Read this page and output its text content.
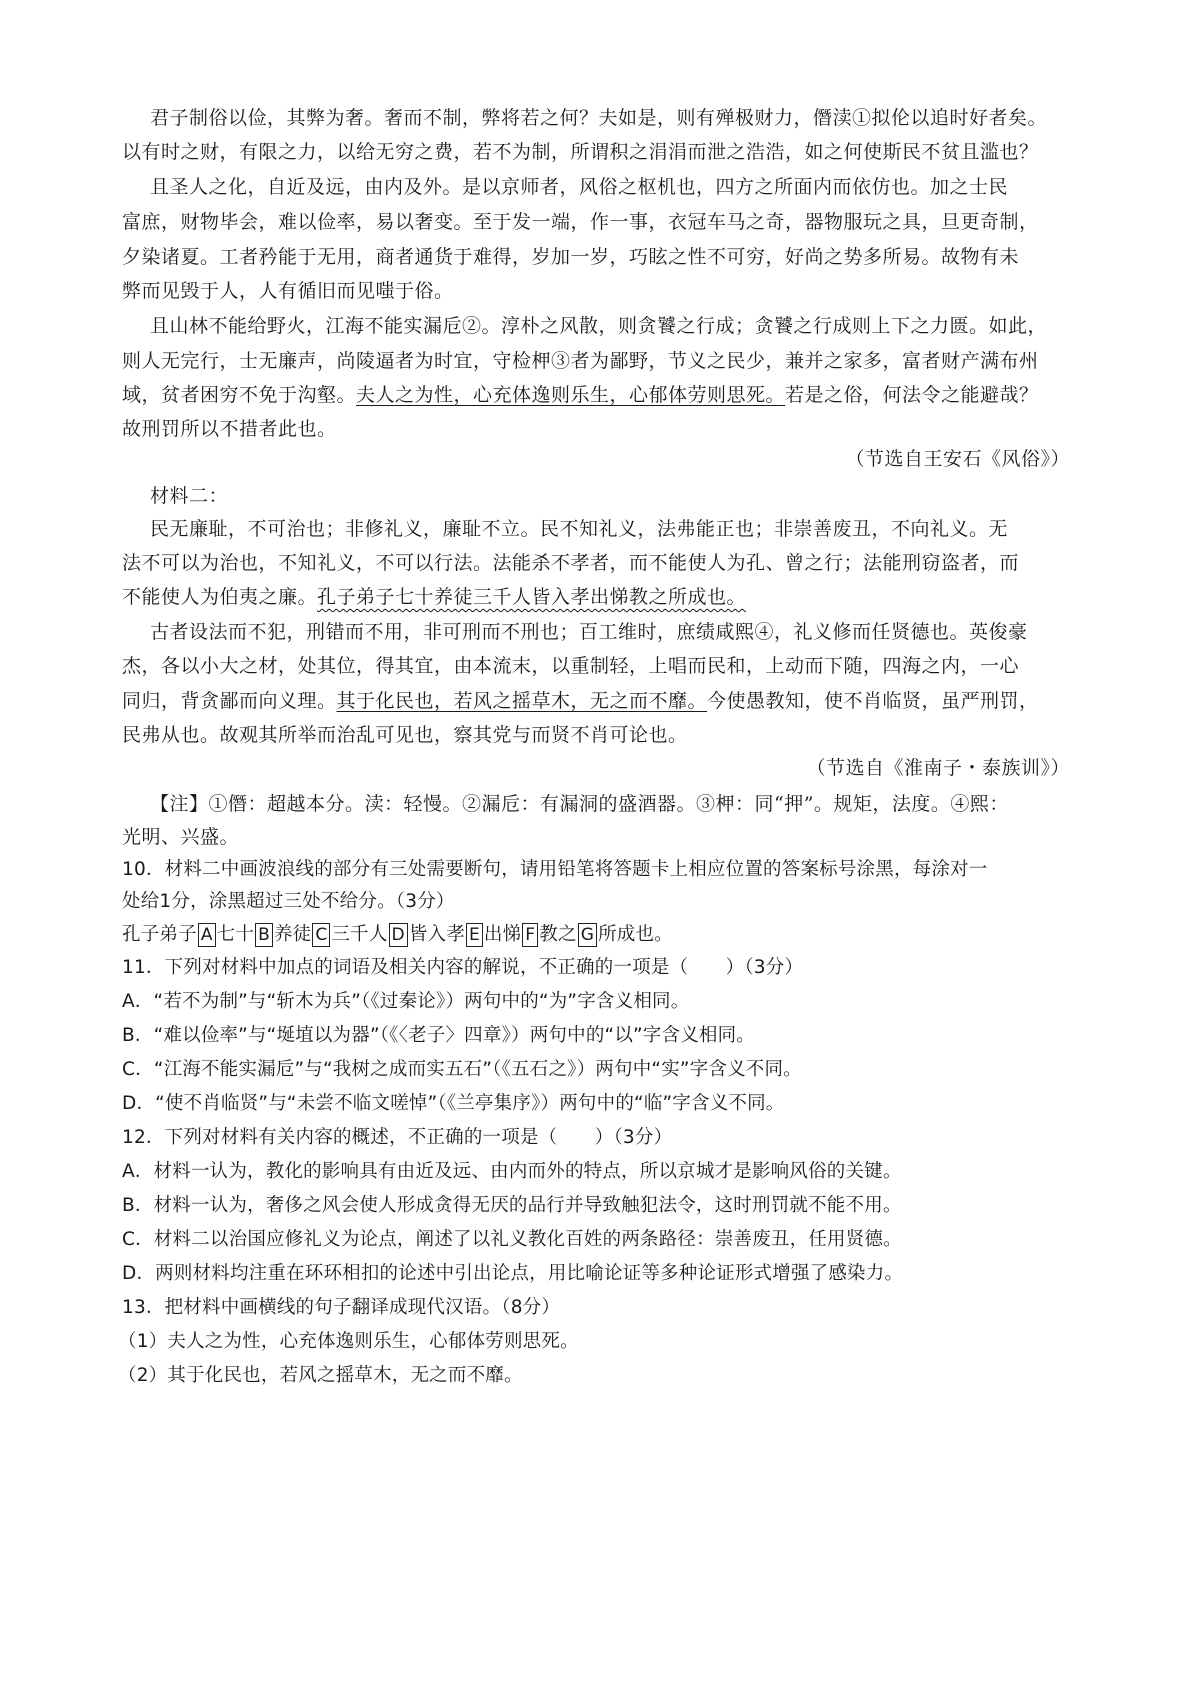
君子制俗以俭，其弊为奢。奢而不制，弊将若之何？夫如是，则有殚极财力，僭渎①拟伦以追时好者矣。
以有时之财，有限之力，以给无穷之费，若不为制，所谓积之涓涓而泄之浩浩，如之何使斯民不贫且滥也？
且圣人之化，自近及远，由内及外。是以京师者，风俗之枢机也，四方之所面内而依仿也。加之士民
富庶，财物毕会，难以俭率，易以奢变。至于发一端，作一事，衣冠车马之奇，器物服玩之具，旦更奇制，
夕染诸夏。工者矜能于无用，商者通货于难得，岁加一岁，巧眩之性不可穷，好尚之势多所易。故物有未
弊而见毁于人，人有循旧而见嗤于俗。
且山林不能给野火，江海不能实漏卮②。淳朴之风散，则贪饕之行成；贪饕之行成则上下之力匮。如此，
则人无完行，士无廉声，尚陵逼者为时宜，守检柙③者为鄙野，节义之民少，兼并之家多，富者财产满布州
域，贫者困穷不免于沟壑。夫人之为性，心充体逸则乐生，心郁体劳则思死。若是之俗，何法令之能避哉？
故刑罚所以不措者此也。
（节选自王安石《风俗》）
材料二：
民无廉耻，不可治也；非修礼义，廉耻不立。民不知礼义，法弗能正也；非崇善废丑，不向礼义。无
法不可以为治也，不知礼义，不可以行法。法能杀不孝者，而不能使人为孔、曾之行；法能刑窃盗者，而
不能使人为伯夷之廉。孔子弟子七十养徒三千人皆入孝出悌教之所成也。
古者设法而不犯，刑错而不用，非可刑而不刑也；百工维时，庶绩咸熙④，礼义修而任贤德也。英俊豪
杰，各以小大之材，处其位，得其宜，由本流末，以重制轻，上唱而民和，上动而下随，四海之内，一心
同归，背贪鄙而向义理。其于化民也，若风之摇草木，无之而不靡。今使愚教知，使不肖临贤，虽严刑罚，
民弗从也。故观其所举而治乱可见也，察其党与而贤不肖可论也。
（节选自《淮南子・泰族训》）
【注】①僭：超越本分。渎：轻慢。②漏卮：有漏洞的盛酒器。③柙：同“押”。规矩，法度。④熙：
光明、兴盛。
10．材料二中画波浪线的部分有三处需要断句，请用铅笔将答题卡上相应位置的答案标号涂黑，每涂对一
处给1分，涂黑超过三处不给分。（3分）
孔子弟子 A 七十 B 养徒 C 三千人 D 皆入孝 E 出悌 F 教之 G 所成也。
11．下列对材料中加点的词语及相关内容的解说，不正确的一项是（　　）（3分）
A．“若不为制”与“斩木为兵”（《过秦论》）两句中的“为”字含义相同。
B．“难以俭率”与“埏埴以为器”（《〈老子〉四章》）两句中的“以”字含义相同。
C．“江海不能实漏卮”与“我树之成而实五石”（《五石之》）两句中“实”字含义不同。
D．“使不肖临贤”与“未尝不临文嗟悼”（《兰亭集序》）两句中的“临”字含义不同。
12．下列对材料有关内容的概述，不正确的一项是（　　）（3分）
A．材料一认为，教化的影响具有由近及远、由内而外的特点，所以京城才是影响风俗的关键。
B．材料一认为，奢侈之风会使人形成贪得无厌的品行并导致触犯法令，这时刑罚就不能不用。
C．材料二以治国应修礼义为论点，阐述了以礼义教化百姓的两条路径：崇善废丑，任用贤德。
D．两则材料均注重在环环相扣的论述中引出论点，用比喻论证等多种论证形式增强了感染力。
13．把材料中画横线的句子翻译成现代汉语。（8分）
（1）夫人之为性，心充体逸则乐生，心郁体劳则思死。
（2）其于化民也，若风之摇草木，无之而不靡。
